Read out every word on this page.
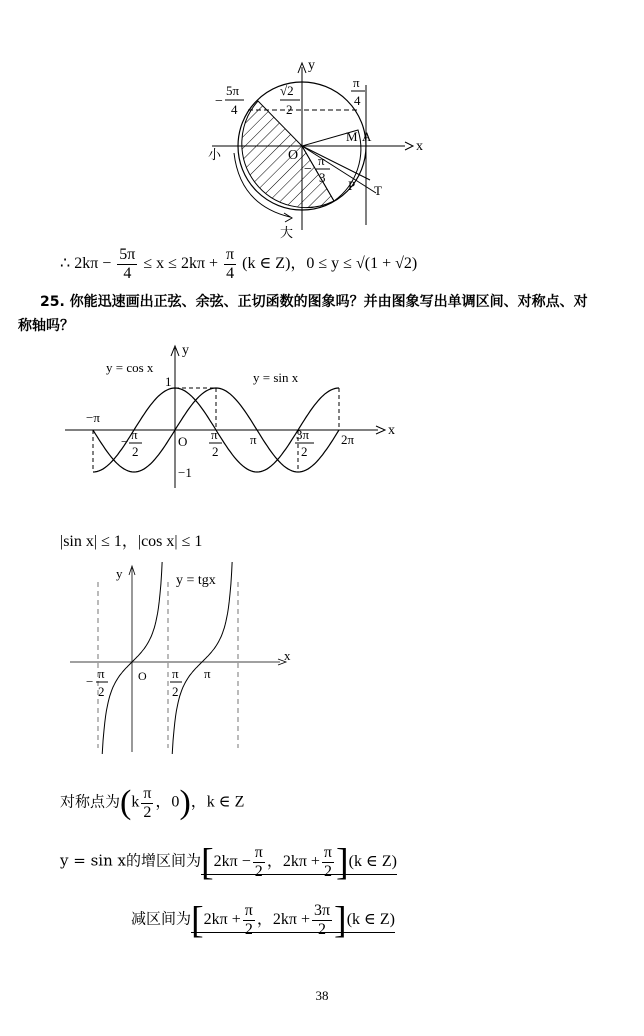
y
x
O
M A
P T
小
大
−
5π
4
√2
2
π
4
−
π
3
∴ $2k\pi - \frac{5\pi}{4} \le x \le 2k\pi + \frac{\pi}{4} (k$ ∈ Z)，0 ≤ y ≤ √(1 + √2)
25. 你能迅速画出正弦、余弦、正切函数的图象吗？并由图象写出单调区间、对称点、对
称轴吗？
y = cos x
y = sin x
y
x
1
−1
−π
O	π	2π
− π
2
π
2
3π
2
|sin x| ≤ 1，|cos x| ≤ 1
y = tgx
y
x
O
−
π
2
π
2
π
对称点为($k \frac{\pi}{2}$ ，0)，k ∈ Z
y = sin x的增区间为[$2k\pi - \frac{\pi}{2}$ ，$2k\pi + \frac{\pi}{2} ](k$ ∈ Z)
减区间为[$2k\pi + \frac{\pi}{2}$ ，$2k\pi + \frac{3\pi}{2} ](k$ ∈ Z)
38
